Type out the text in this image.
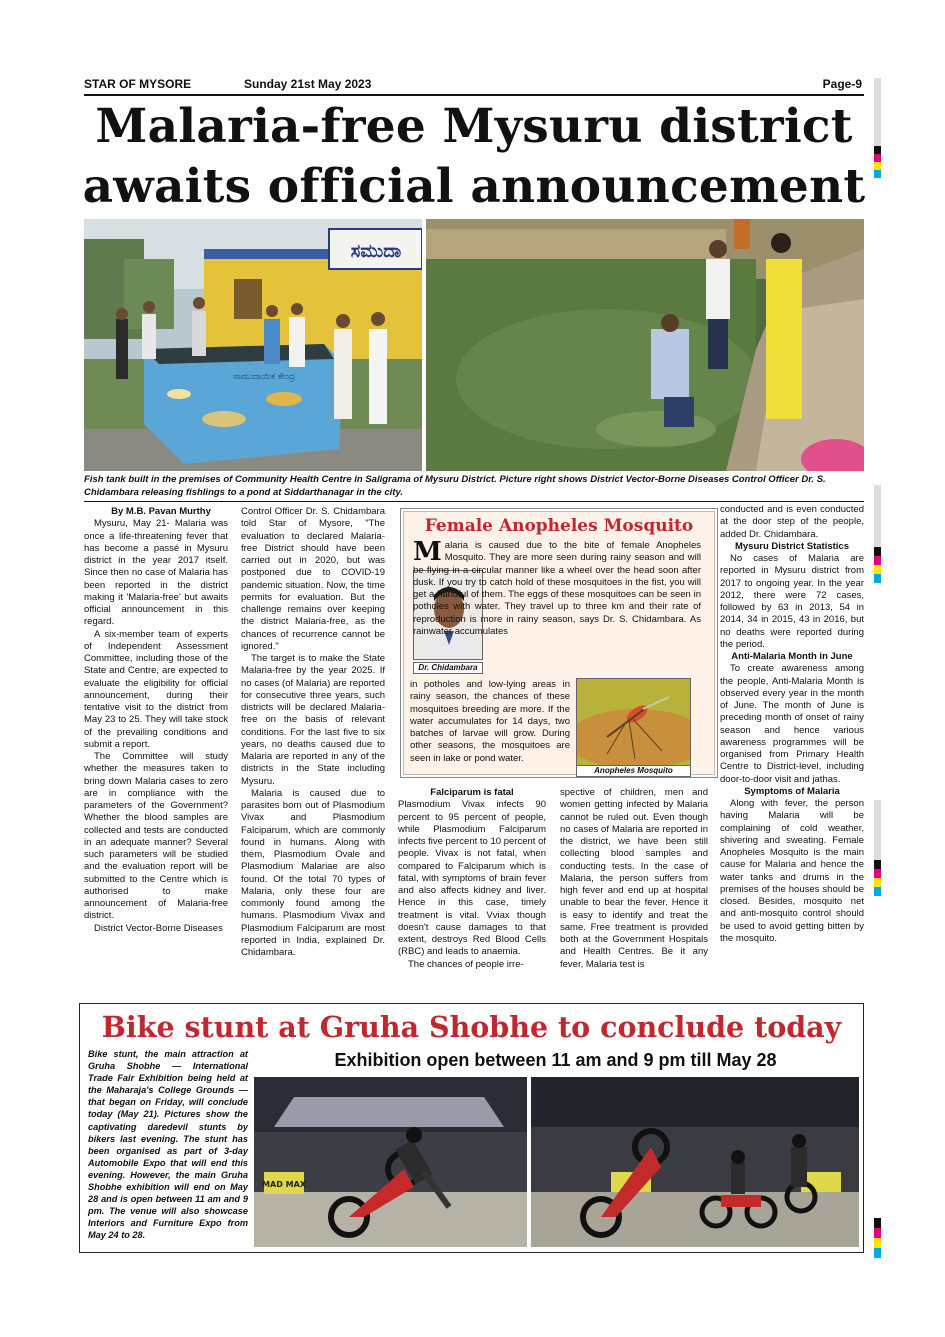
STAR OF MYSORE	Sunday 21st May 2023	Page-9
Malaria-free Mysuru district
awaits official announcement
ಸಮುದಾ
ಸಾಮುದಾಯಿಕ ಕೇಂದ್ರ
Fish tank built in the premises of Community Health Centre in Saligrama of Mysuru District. Picture right shows District Vector-Borne Diseases Control Officer Dr. S. Chidambara releasing fishlings to a pond at Siddarthanagar in the city.

By M.B. Pavan Murthy

Mysuru, May 21- Malaria was once a life-threatening fever that has become a passé in Mysuru district in the year 2017 itself. Since then no case of Malaria has been reported in the district making it 'Malaria-free' but awaits official announcement in this regard.

A six-member team of experts of Independent Assessment Committee, including those of the State and Centre, are expected to evaluate the eligibility for official announcement, during their tentative visit to the district from May 23 to 25. They will take stock of the prevailing conditions and submit a report.

The Committee will study whether the measures taken to bring down Malaria cases to zero are in compliance with the parameters of the Government? Whether the blood samples are collected and tests are conducted in an adequate manner? Several such parameters will be studied and the evaluation report will be submitted to the Centre which is authorised to make announcement of Malaria-free district.

District Vector-Borne Diseases

Control Officer Dr. S. Chidambara told Star of Mysore, "The evaluation to declared Malaria-free District should have been carried out in 2020, but was postponed due to COVID-19 pandemic situation. Now, the time permits for evaluation. But the challenge remains over keeping the district Malaria-free, as the chances of recurrence cannot be ignored."

The target is to make the State Malaria-free by the year 2025. If no cases (of Malaria) are reported for consecutive three years, such districts will be declared Malaria-free on the basis of relevant conditions. For the last five to six years, no deaths caused due to Malaria are reported in any of the districts in the State including Mysuru.

Malaria is caused due to parasites born out of Plasmodium Vivax and Plasmodium Falciparum, which are commonly found in humans. Along with them, Plasmodium Ovale and Plasmodium Malariae are also found. Of the total 70 types of Malaria, only these four are commonly found among the humans. Plasmodium Vivax and Plasmodium Falciparum are most reported in India, explained Dr. Chidambara.

Female Anopheles Mosquito
Dr. Chidambara
M alaria is caused due to the bite of female Anopheles Mosquito. They are more seen during rainy season and will be flying in a circular manner like a wheel over the head soon after dusk. If you try to catch hold of these mosquitoes in the fist, you will get a handful of them. The eggs of these mosquitoes can be seen in potholes with water. They travel up to three km and their rate of reproduction is more in rainy season, says Dr. S. Chidambara. As rainwater accumulates
in potholes and low-lying areas in rainy season, the chances of these mosquitoes breeding are more. If the water accumulates for 14 days, two batches of larvae will grow. During other seasons, the mosquitoes are seen in lake or pond water.
Anopheles Mosquito

Falciparum is fatal

Plasmodium Vivax infects 90 percent to 95 percent of people, while Plasmodium Falciparum infects five percent to 10 percent of people. Vivax is not fatal, when compared to Falciparum which is fatal, with symptoms of brain fever and also affects kidney and liver. Hence in this case, timely treatment is vital. Vviax though doesn't cause damages to that extent, destroys Red Blood Cells (RBC) and leads to anaemia.

The chances of people irre-

spective of children, men and women getting infected by Malaria cannot be ruled out. Even though no cases of Malaria are reported in the district, we have been still collecting blood samples and conducting tests. In the case of Malaria, the person suffers from high fever and end up at hospital unable to bear the fever. Hence it is easy to identify and treat the same. Free treatment is provided both at the Government Hospitals and Health Centres. Be it any fever, Malaria test is

conducted and is even conducted at the door step of the people, added Dr. Chidambara.

Mysuru District Statistics

No cases of Malaria are reported in Mysuru district from 2017 to ongoing year. In the year 2012, there were 72 cases, followed by 63 in 2013, 54 in 2014, 34 in 2015, 43 in 2016, but no deaths were reported during the period.

Anti-Malaria Month in June

To create awareness among the people, Anti-Malaria Month is observed every year in the month of June. The month of June is preceding month of onset of rainy season and hence various awareness programmes will be organised from Primary Health Centre to District-level, including door-to-door visit and jathas.

Symptoms of Malaria

Along with fever, the person having Malaria will be complaining of cold weather, shivering and sweating. Female Anopheles Mosquito is the main cause for Malaria and hence the water tanks and drums in the premises of the houses should be closed. Besides, mosquito net and anti-mosquito control should be used to avoid getting bitten by the mosquito.

Bike stunt at Gruha Shobhe to conclude today
Exhibition open between 11 am and 9 pm till May 28
Bike stunt, the main attraction at Gruha Shobhe — International Trade Fair Exhibition being held at the Maharaja's College Grounds —that began on Friday, will conclude today (May 21). Pictures show the captivating daredevil stunts by bikers last evening. The stunt has been organised as part of 3-day Automobile Expo that will end this evening. However, the main Gruha Shobhe exhibition will end on May 28 and is open between 11 am and 9 pm. The venue will also showcase Interiors and Furniture Expo from May 24 to 28.
MAD MAX
